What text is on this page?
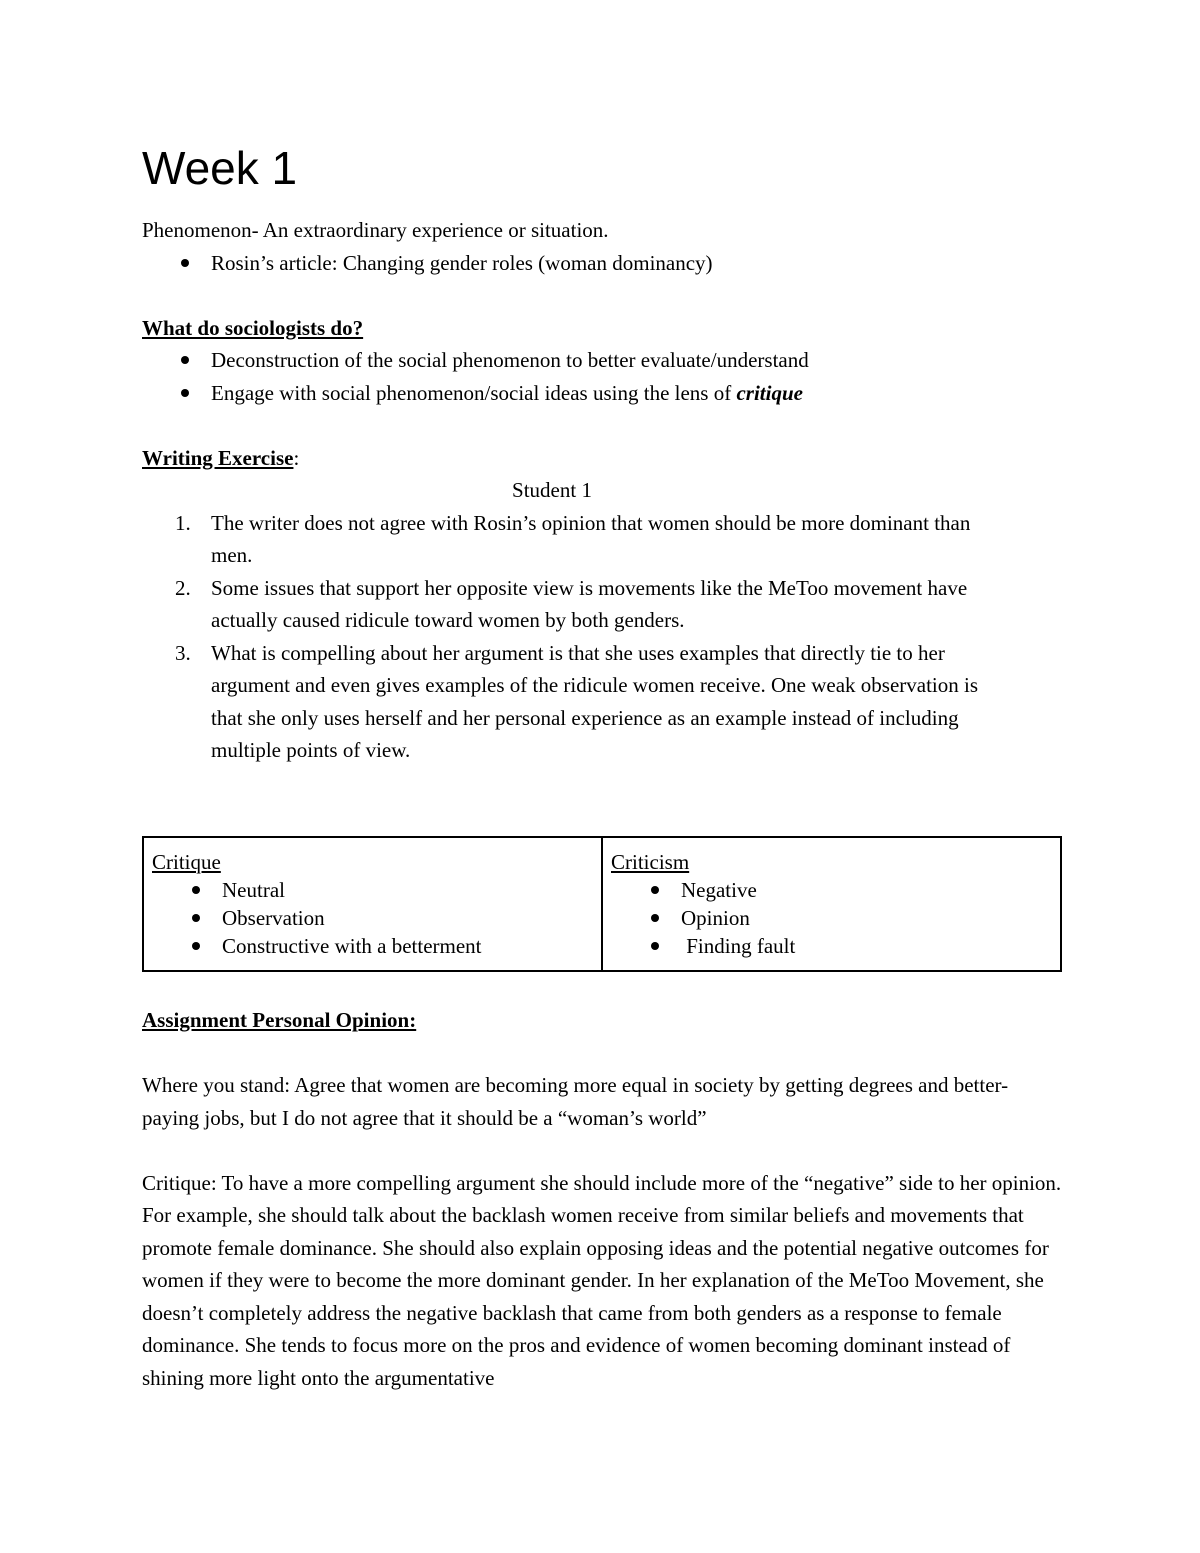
Week 1

Phenomenon- An extraordinary experience or situation.

Rosin’s article: Changing gender roles (woman dominancy)

What do sociologists do?

Deconstruction of the social phenomenon to better evaluate/understand
Engage with social phenomenon/social ideas using the lens of critique

Writing Exercise:

Student 1

1. The writer does not agree with Rosin’s opinion that women should be more dominant than men.
2. Some issues that support her opposite view is movements like the MeToo movement have actually caused ridicule toward women by both genders.
3. What is compelling about her argument is that she uses examples that directly tie to her argument and even gives examples of the ridicule women receive. One weak observation is that she only uses herself and her personal experience as an example instead of including multiple points of view.
Critique
Neutral
Observation
Constructive with a betterment

Criticism
Negative
Opinion
Finding fault

Assignment Personal Opinion:

Where you stand: Agree that women are becoming more equal in society by getting degrees and better-paying jobs, but I do not agree that it should be a “woman’s world”

Critique: To have a more compelling argument she should include more of the “negative” side to her opinion. For example, she should talk about the backlash women receive from similar beliefs and movements that promote female dominance. She should also explain opposing ideas and the potential negative outcomes for women if they were to become the more dominant gender. In her explanation of the MeToo Movement, she doesn’t completely address the negative backlash that came from both genders as a response to female dominance. She tends to focus more on the pros and evidence of women becoming dominant instead of shining more light onto the argumentative
